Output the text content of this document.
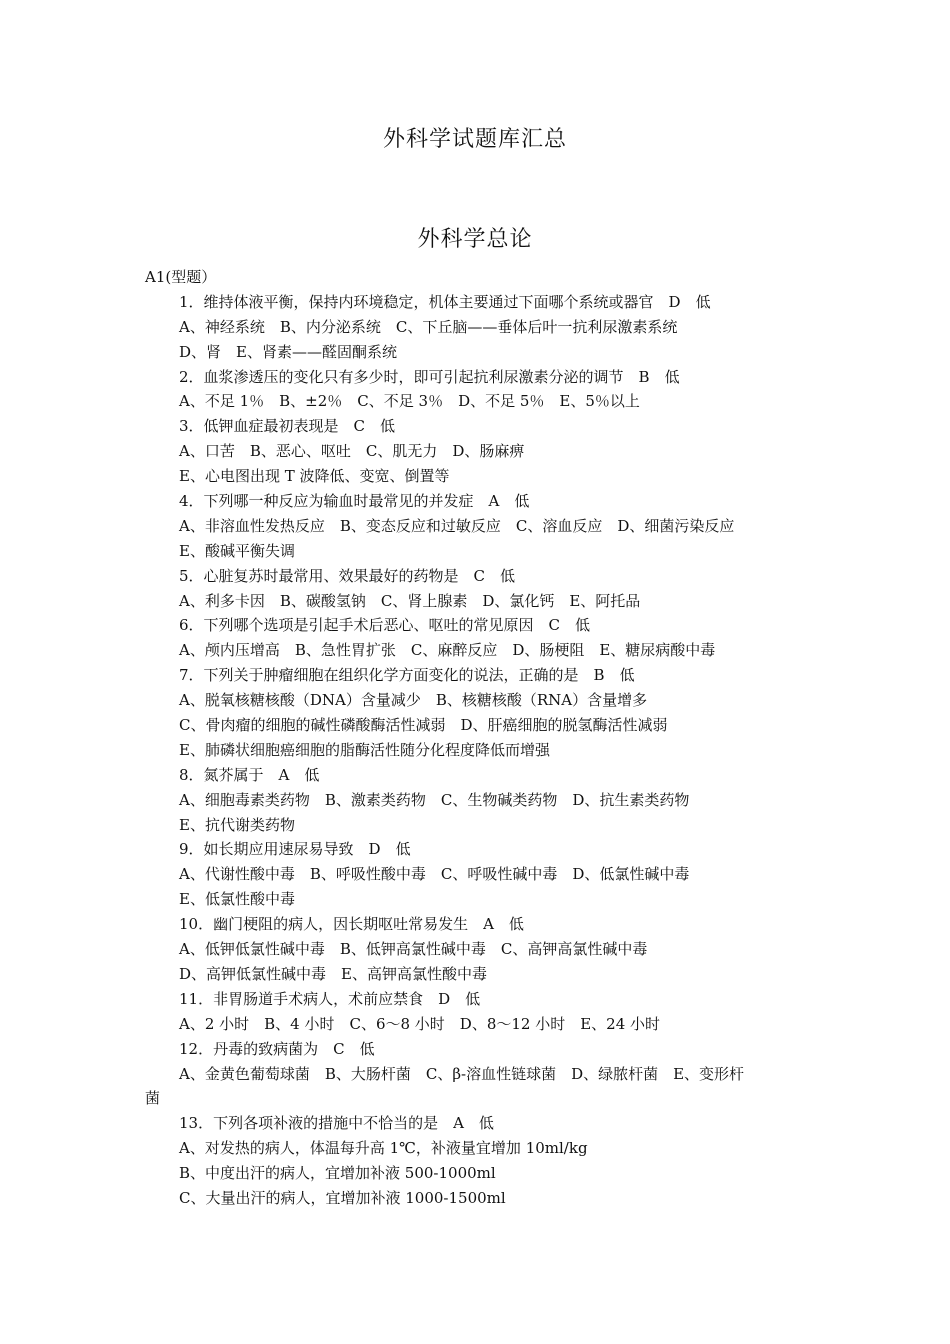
外科学试题库汇总
外科学总论
A1(型题）
1．维持体液平衡，保持内环境稳定，机体主要通过下面哪个系统或器官　D　低
A、神经系统　B、内分泌系统　C、下丘脑——垂体后叶一抗利尿激素系统
D、肾　E、肾素——醛固酮系统
2．血浆渗透压的变化只有多少时，即可引起抗利尿激素分泌的调节　B　低
A、不足 1％　B、±2％　C、不足 3％　D、不足 5％　E、5％以上
3．低钾血症最初表现是　C　低
A、口苦　B、恶心、呕吐　C、肌无力　D、肠麻痹
E、心电图出现 T 波降低、变宽、倒置等
4．下列哪一种反应为输血时最常见的并发症　A　低
A、非溶血性发热反应　B、变态反应和过敏反应　C、溶血反应　D、细菌污染反应
E、酸碱平衡失调
5．心脏复苏时最常用、效果最好的药物是　C　低
A、利多卡因　B、碳酸氢钠　C、肾上腺素　D、氯化钙　E、阿托品
6．下列哪个选项是引起手术后恶心、呕吐的常见原因　C　低
A、颅内压增高　B、急性胃扩张　C、麻醉反应　D、肠梗阻　E、糖尿病酸中毒
7．下列关于肿瘤细胞在组织化学方面变化的说法，正确的是　B　低
A、脱氧核糖核酸（DNA）含量减少　B、核糖核酸（RNA）含量增多
C、骨肉瘤的细胞的碱性磷酸酶活性减弱　D、肝癌细胞的脱氢酶活性减弱
E、肺磷状细胞癌细胞的脂酶活性随分化程度降低而增强
8．氮芥属于　A　低
A、细胞毒素类药物　B、激素类药物　C、生物碱类药物　D、抗生素类药物
E、抗代谢类药物
9．如长期应用速尿易导致　D　低
A、代谢性酸中毒　B、呼吸性酸中毒　C、呼吸性碱中毒　D、低氯性碱中毒
E、低氯性酸中毒
10．幽门梗阻的病人，因长期呕吐常易发生　A　低
A、低钾低氯性碱中毒　B、低钾高氯性碱中毒　C、高钾高氯性碱中毒
D、高钾低氯性碱中毒　E、高钾高氯性酸中毒
11．非胃肠道手术病人，术前应禁食　D　低
A、2 小时　B、4 小时　C、6～8 小时　D、8～12 小时　E、24 小时
12．丹毒的致病菌为　C　低
A、金黄色葡萄球菌　B、大肠杆菌　C、β-溶血性链球菌　D、绿脓杆菌　E、变形杆
菌
13．下列各项补液的措施中不恰当的是　A　低
A、对发热的病人，体温每升高 1℃，补液量宜增加 10ml/kg
B、中度出汗的病人，宜增加补液 500-1000ml
C、大量出汗的病人，宜增加补液 1000-1500ml
